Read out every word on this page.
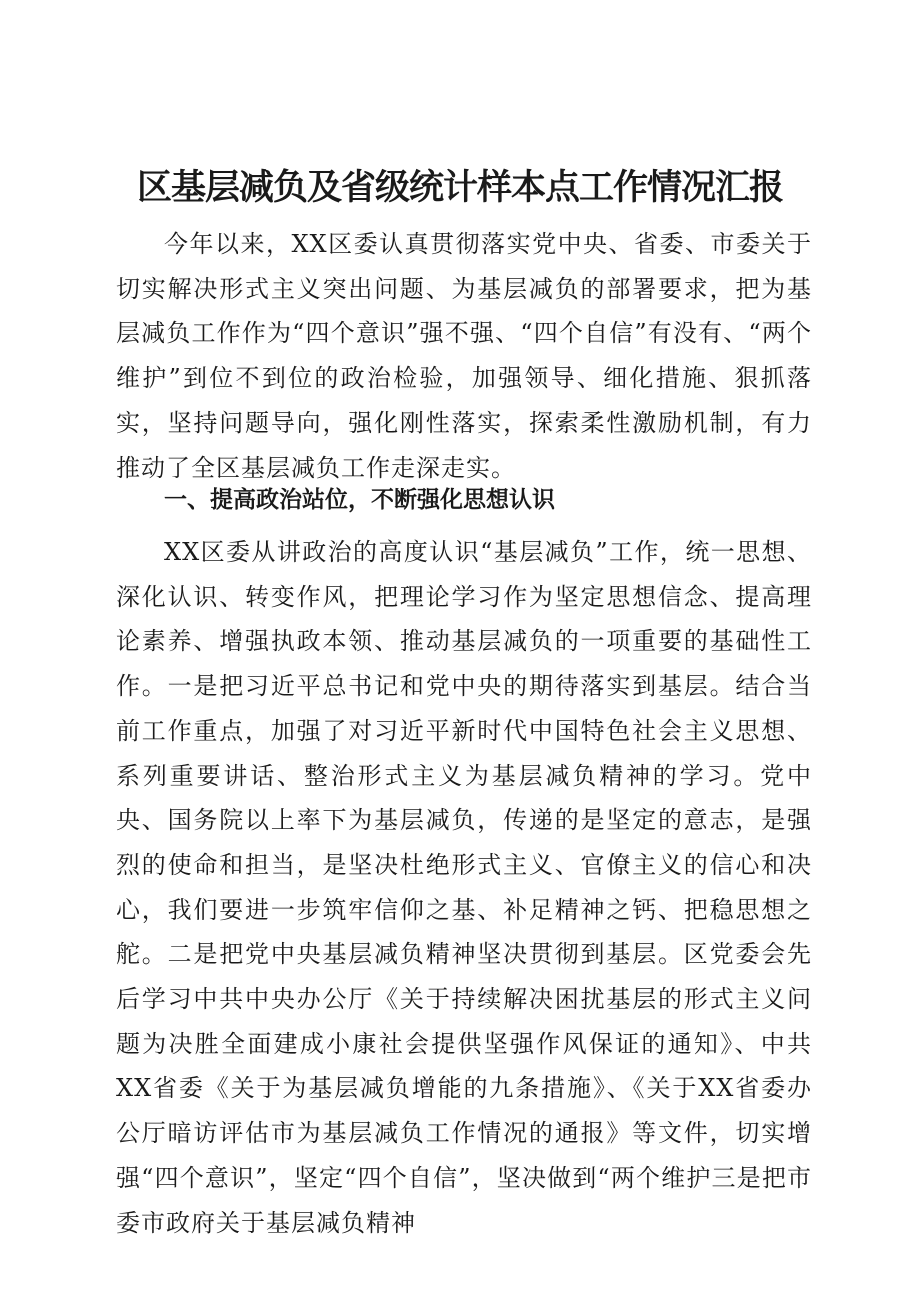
区基层减负及省级统计样本点工作情况汇报

今年以来，XX区委认真贯彻落实党中央、省委、市委关于切实解决形式主义突出问题、为基层减负的部署要求，把为基层减负工作作为“四个意识”强不强、“四个自信”有没有、“两个维护”到位不到位的政治检验，加强领导、细化措施、狠抓落实，坚持问题导向，强化刚性落实，探索柔性激励机制，有力推动了全区基层减负工作走深走实。

一、提高政治站位，不断强化思想认识

XX区委从讲政治的高度认识“基层减负”工作，统一思想、深化认识、转变作风，把理论学习作为坚定思想信念、提高理论素养、增强执政本领、推动基层减负的一项重要的基础性工作。一是把习近平总书记和党中央的期待落实到基层。结合当前工作重点，加强了对习近平新时代中国特色社会主义思想、系列重要讲话、整治形式主义为基层减负精神的学习。党中央、国务院以上率下为基层减负，传递的是坚定的意志，是强烈的使命和担当，是坚决杜绝形式主义、官僚主义的信心和决心，我们要进一步筑牢信仰之基、补足精神之钙、把稳思想之舵。二是把党中央基层减负精神坚决贯彻到基层。区党委会先后学习中共中央办公厅《关于持续解决困扰基层的形式主义问题为决胜全面建成小康社会提供坚强作风保证的通知》、中共XX省委《关于为基层减负增能的九条措施》、《关于XX省委办公厅暗访评估市为基层减负工作情况的通报》等文件，切实增强“四个意识”，坚定“四个自信”，坚决做到“两个维护三是把市委市政府关于基层减负精神
